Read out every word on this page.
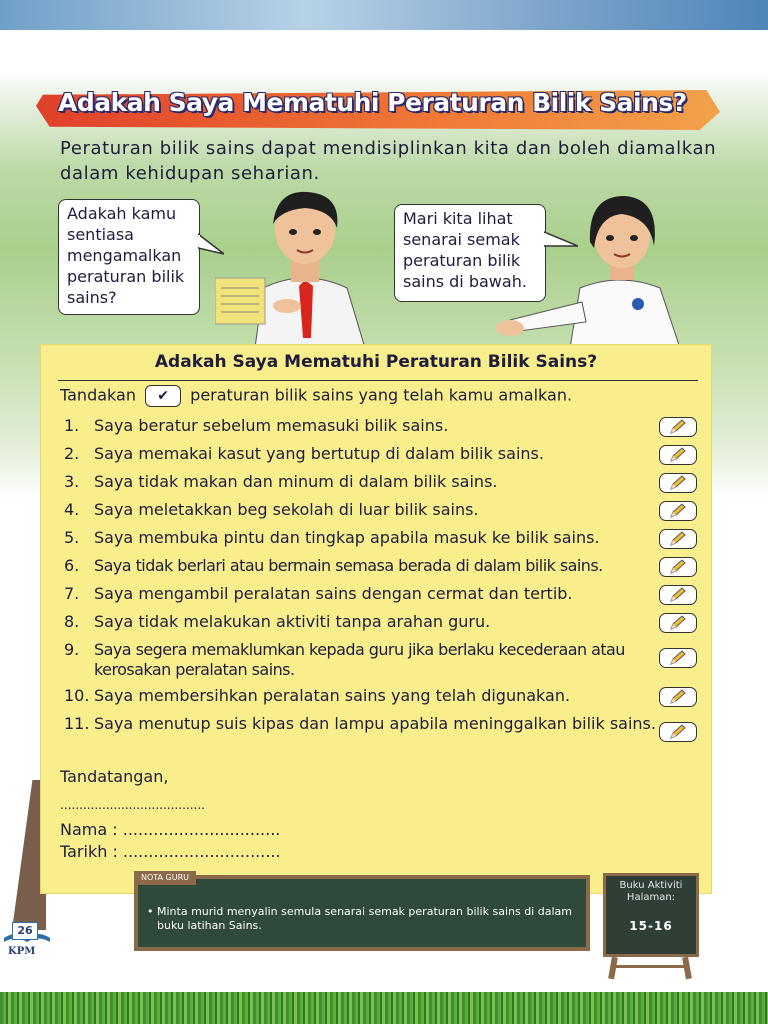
Adakah Saya Mematuhi Peraturan Bilik Sains?
Peraturan bilik sains dapat mendisiplinkan kita dan boleh diamalkan dalam kehidupan seharian.
Adakah kamu
sentiasa
mengamalkan
peraturan bilik
sains?
Mari kita lihat
senarai semak
peraturan bilik
sains di bawah.
Adakah Saya Mematuhi Peraturan Bilik Sains?
Tandakan ✔ peraturan bilik sains yang telah kamu amalkan.
1. Saya beratur sebelum memasuki bilik sains.
2. Saya memakai kasut yang bertutup di dalam bilik sains.
3. Saya tidak makan dan minum di dalam bilik sains.
4. Saya meletakkan beg sekolah di luar bilik sains.
5. Saya membuka pintu dan tingkap apabila masuk ke bilik sains.
6. Saya tidak berlari atau bermain semasa berada di dalam bilik sains.
7. Saya mengambil peralatan sains dengan cermat dan tertib.
8. Saya tidak melakukan aktiviti tanpa arahan guru.
9. Saya segera memaklumkan kepada guru jika berlaku kecederaan atau kerosakan peralatan sains.
10. Saya membersihkan peralatan sains yang telah digunakan.
11. Saya menutup suis kipas dan lampu apabila meninggalkan bilik sains.
Tandatangan,
......................................
Nama : ...............................
Tarikh : ...............................
NOTA GURU
• Minta murid menyalin semula senarai semak peraturan bilik sains di dalam buku latihan Sains.
Buku Aktiviti
Halaman:
15-16
26
KPM
